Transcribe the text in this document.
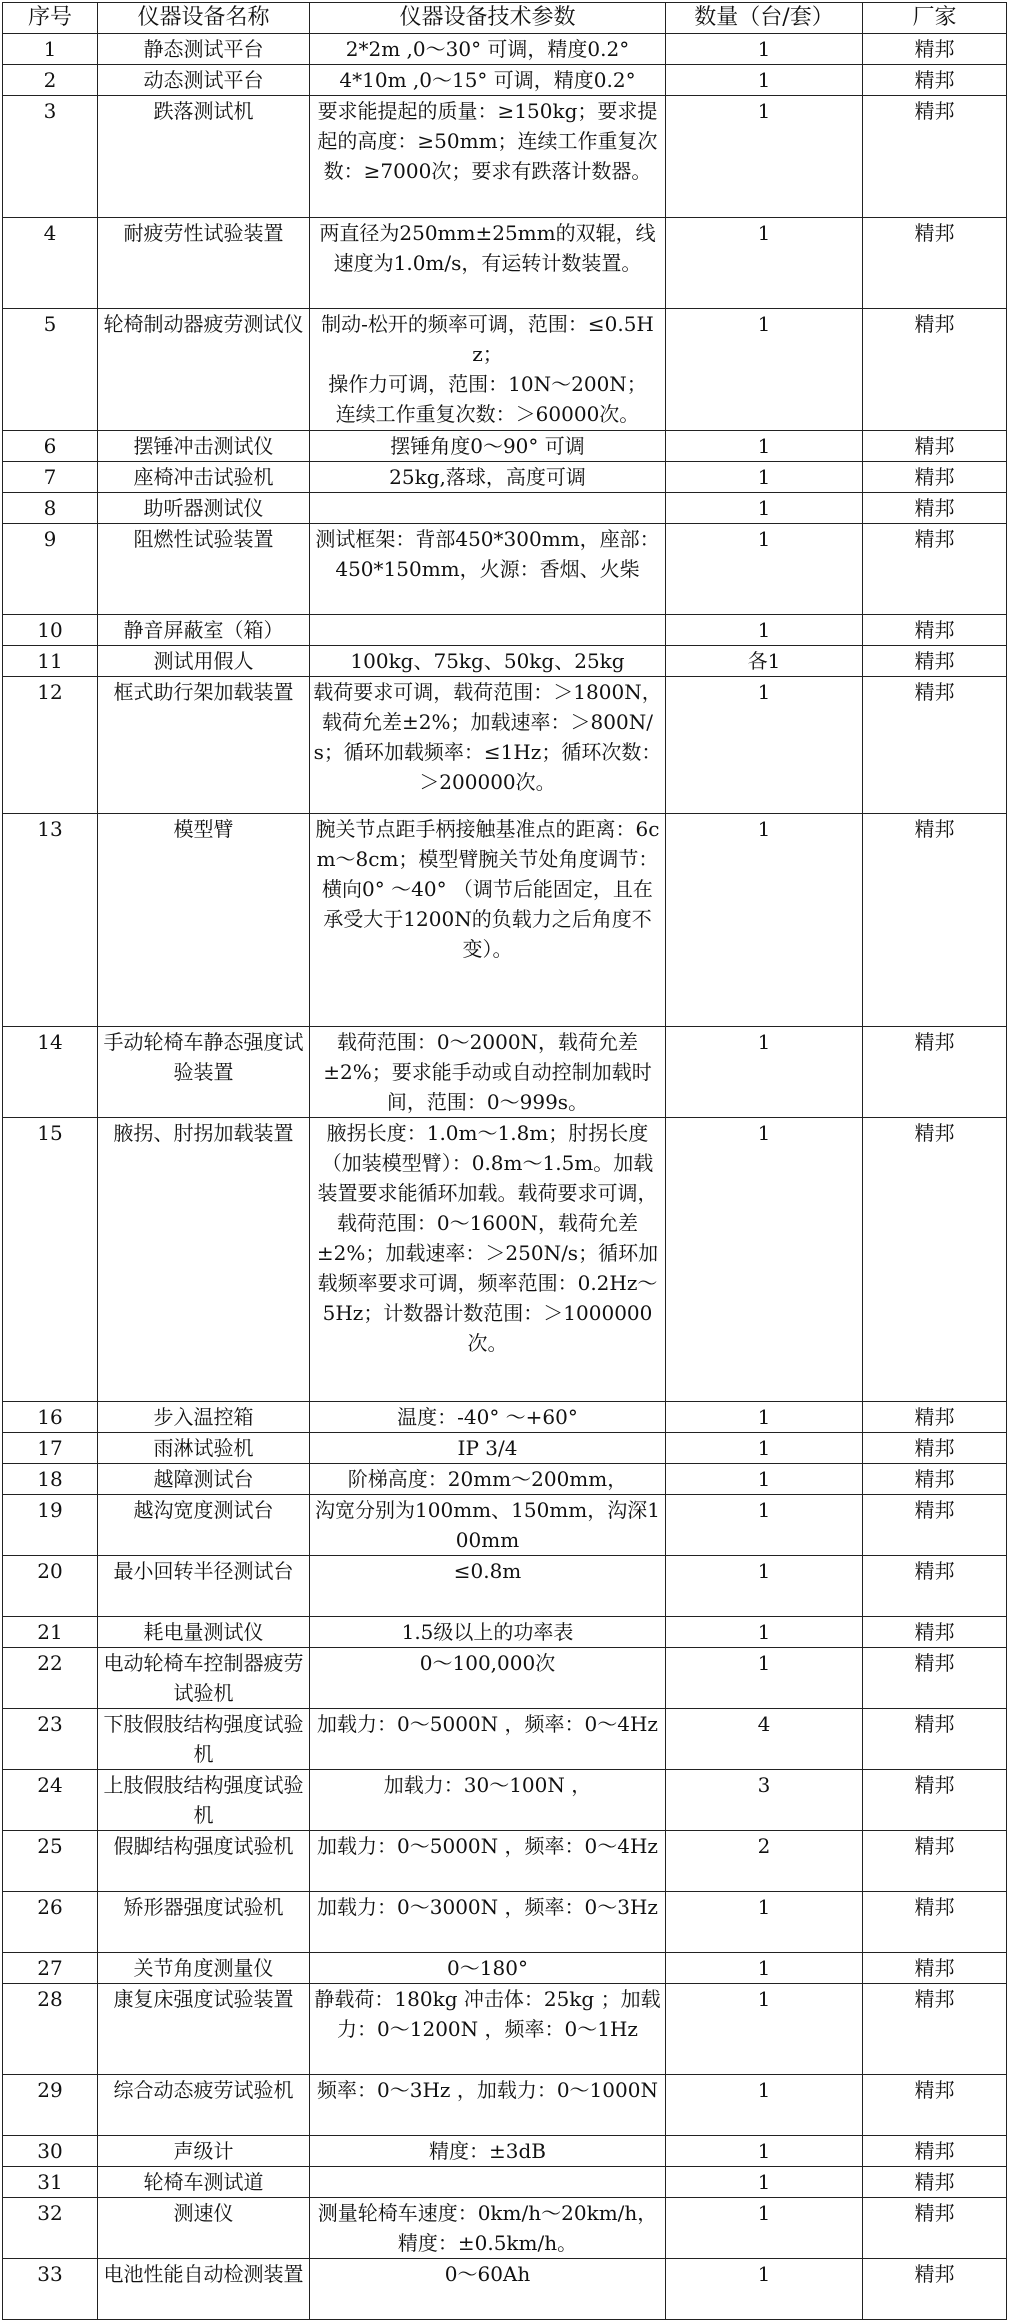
序号	仪器设备名称	仪器设备技术参数	数量（台/套）	厂家
1	静态测试平台	2*2m ,0～30° 可调，精度0.2°	1	精邦
2	动态测试平台	4*10m ,0～15° 可调，精度0.2°	1	精邦
3	跌落测试机	要求能提起的质量：≥150kg；要求提起的高度：≥50mm；连续工作重复次数：≥7000次；要求有跌落计数器。	1	精邦
4	耐疲劳性试验装置	两直径为250mm±25mm的双辊，线速度为1.0m/s，有运转计数装置。	1	精邦
5	轮椅制动器疲劳测试仪	制动-松开的频率可调，范围：≤0.5Hz；
操作力可调，范围：10N～200N；
连续工作重复次数：＞60000次。	1	精邦
6	摆锤冲击测试仪	摆锤角度0～90° 可调	1	精邦
7	座椅冲击试验机	25kg,落球，高度可调	1	精邦
8	助听器测试仪		1	精邦
9	阻燃性试验装置	测试框架：背部450*300mm，座部：450*150mm，火源：香烟、火柴	1	精邦
10	静音屏蔽室（箱）		1	精邦
11	测试用假人	100kg、75kg、50kg、25kg	各1	精邦
12	框式助行架加载装置	载荷要求可调，载荷范围：＞1800N，载荷允差±2%；加载速率：＞800N/s；循环加载频率：≤1Hz；循环次数：＞200000次。	1	精邦
13	模型臂	腕关节点距手柄接触基准点的距离：6cm～8cm；模型臂腕关节处角度调节：横向0° ～40° （调节后能固定，且在承受大于1200N的负载力之后角度不变）。	1	精邦
14	手动轮椅车静态强度试验装置	载荷范围：0～2000N，载荷允差±2%；要求能手动或自动控制加载时间，范围：0～999s。	1	精邦
15	腋拐、肘拐加载装置	腋拐长度：1.0m～1.8m；肘拐长度（加装模型臂）：0.8m～1.5m。加载装置要求能循环加载。载荷要求可调，载荷范围：0～1600N，载荷允差±2%；加载速率：＞250N/s；循环加载频率要求可调，频率范围：0.2Hz～5Hz；计数器计数范围：＞1000000次。	1	精邦
16	步入温控箱	温度：-40° ～+60°	1	精邦
17	雨淋试验机	IP 3/4	1	精邦
18	越障测试台	阶梯高度：20mm～200mm，	1	精邦
19	越沟宽度测试台	沟宽分别为100mm、150mm，沟深100mm	1	精邦
20	最小回转半径测试台	≤0.8m	1	精邦
21	耗电量测试仪	1.5级以上的功率表	1	精邦
22	电动轮椅车控制器疲劳试验机	0～100,000次	1	精邦
23	下肢假肢结构强度试验机	加载力：0～5000N ，频率：0～4Hz	4	精邦
24	上肢假肢结构强度试验机	加载力：30～100N ，	3	精邦
25	假脚结构强度试验机	加载力：0～5000N ，频率：0～4Hz	2	精邦
26	矫形器强度试验机	加载力：0～3000N ，频率：0～3Hz	1	精邦
27	关节角度测量仪	0～180°	1	精邦
28	康复床强度试验装置	静载荷：180kg 冲击体：25kg ；加载力：0～1200N ，频率：0～1Hz	1	精邦
29	综合动态疲劳试验机	频率：0～3Hz ，加载力：0～1000N	1	精邦
30	声级计	精度：±3dB	1	精邦
31	轮椅车测试道		1	精邦
32	测速仪	测量轮椅车速度：0km/h～20km/h，精度：±0.5km/h。	1	精邦
33	电池性能自动检测装置	0～60Ah	1	精邦
